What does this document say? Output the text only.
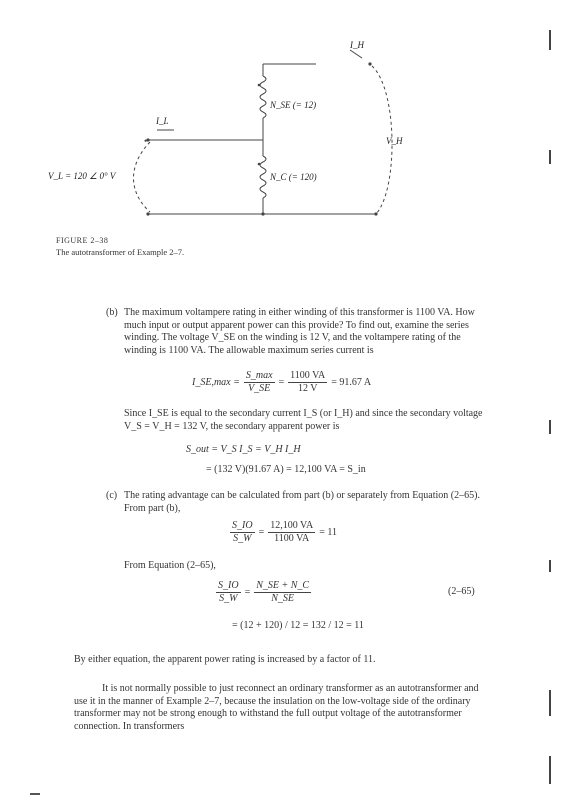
•
I_L
I_H
V_H
V_L = 120 ∠ 0° V
N_SE (= 12)
N_C (= 120)
FIGURE 2–38
The autotransformer of Example 2–7.
(b) The maximum voltampere rating in either winding of this transformer is 1100 VA. How much input or output apparent power can this provide? To find out, examine the series winding. The voltage V_SE on the winding is 12 V, and the voltampere rating of the winding is 1100 VA. The allowable maximum series current is
I_SE,max = $\frac{S\_\max}{V\_SE} = \frac{1100 VA}{12 V} = 91.67$ A
Since I_SE is equal to the secondary current I_S (or I_H) and since the secondary voltage V_S = V_H = 132 V, the secondary apparent power is
S_out = V_S I_S = V_H I_H
= (132 V)(91.67 A) = 12,100 VA = S_in
(c) The rating advantage can be calculated from part (b) or separately from Equation (2–65). From part (b),
$\frac{S\_IO}{S\_W} = \frac{12,100 VA}{1100 VA} = 11$
From Equation (2–65),
$\frac{S\_IO}{S\_W} = \frac{N\_SE + N\_C}{N\_SE}$	(2–65)
= (12 + 120) / 12 = 132 / 12 = 11
By either equation, the apparent power rating is increased by a factor of 11.
It is not normally possible to just reconnect an ordinary transformer as an autotransformer and use it in the manner of Example 2–7, because the insulation on the low-voltage side of the ordinary transformer may not be strong enough to withstand the full output voltage of the autotransformer connection. In transformers
